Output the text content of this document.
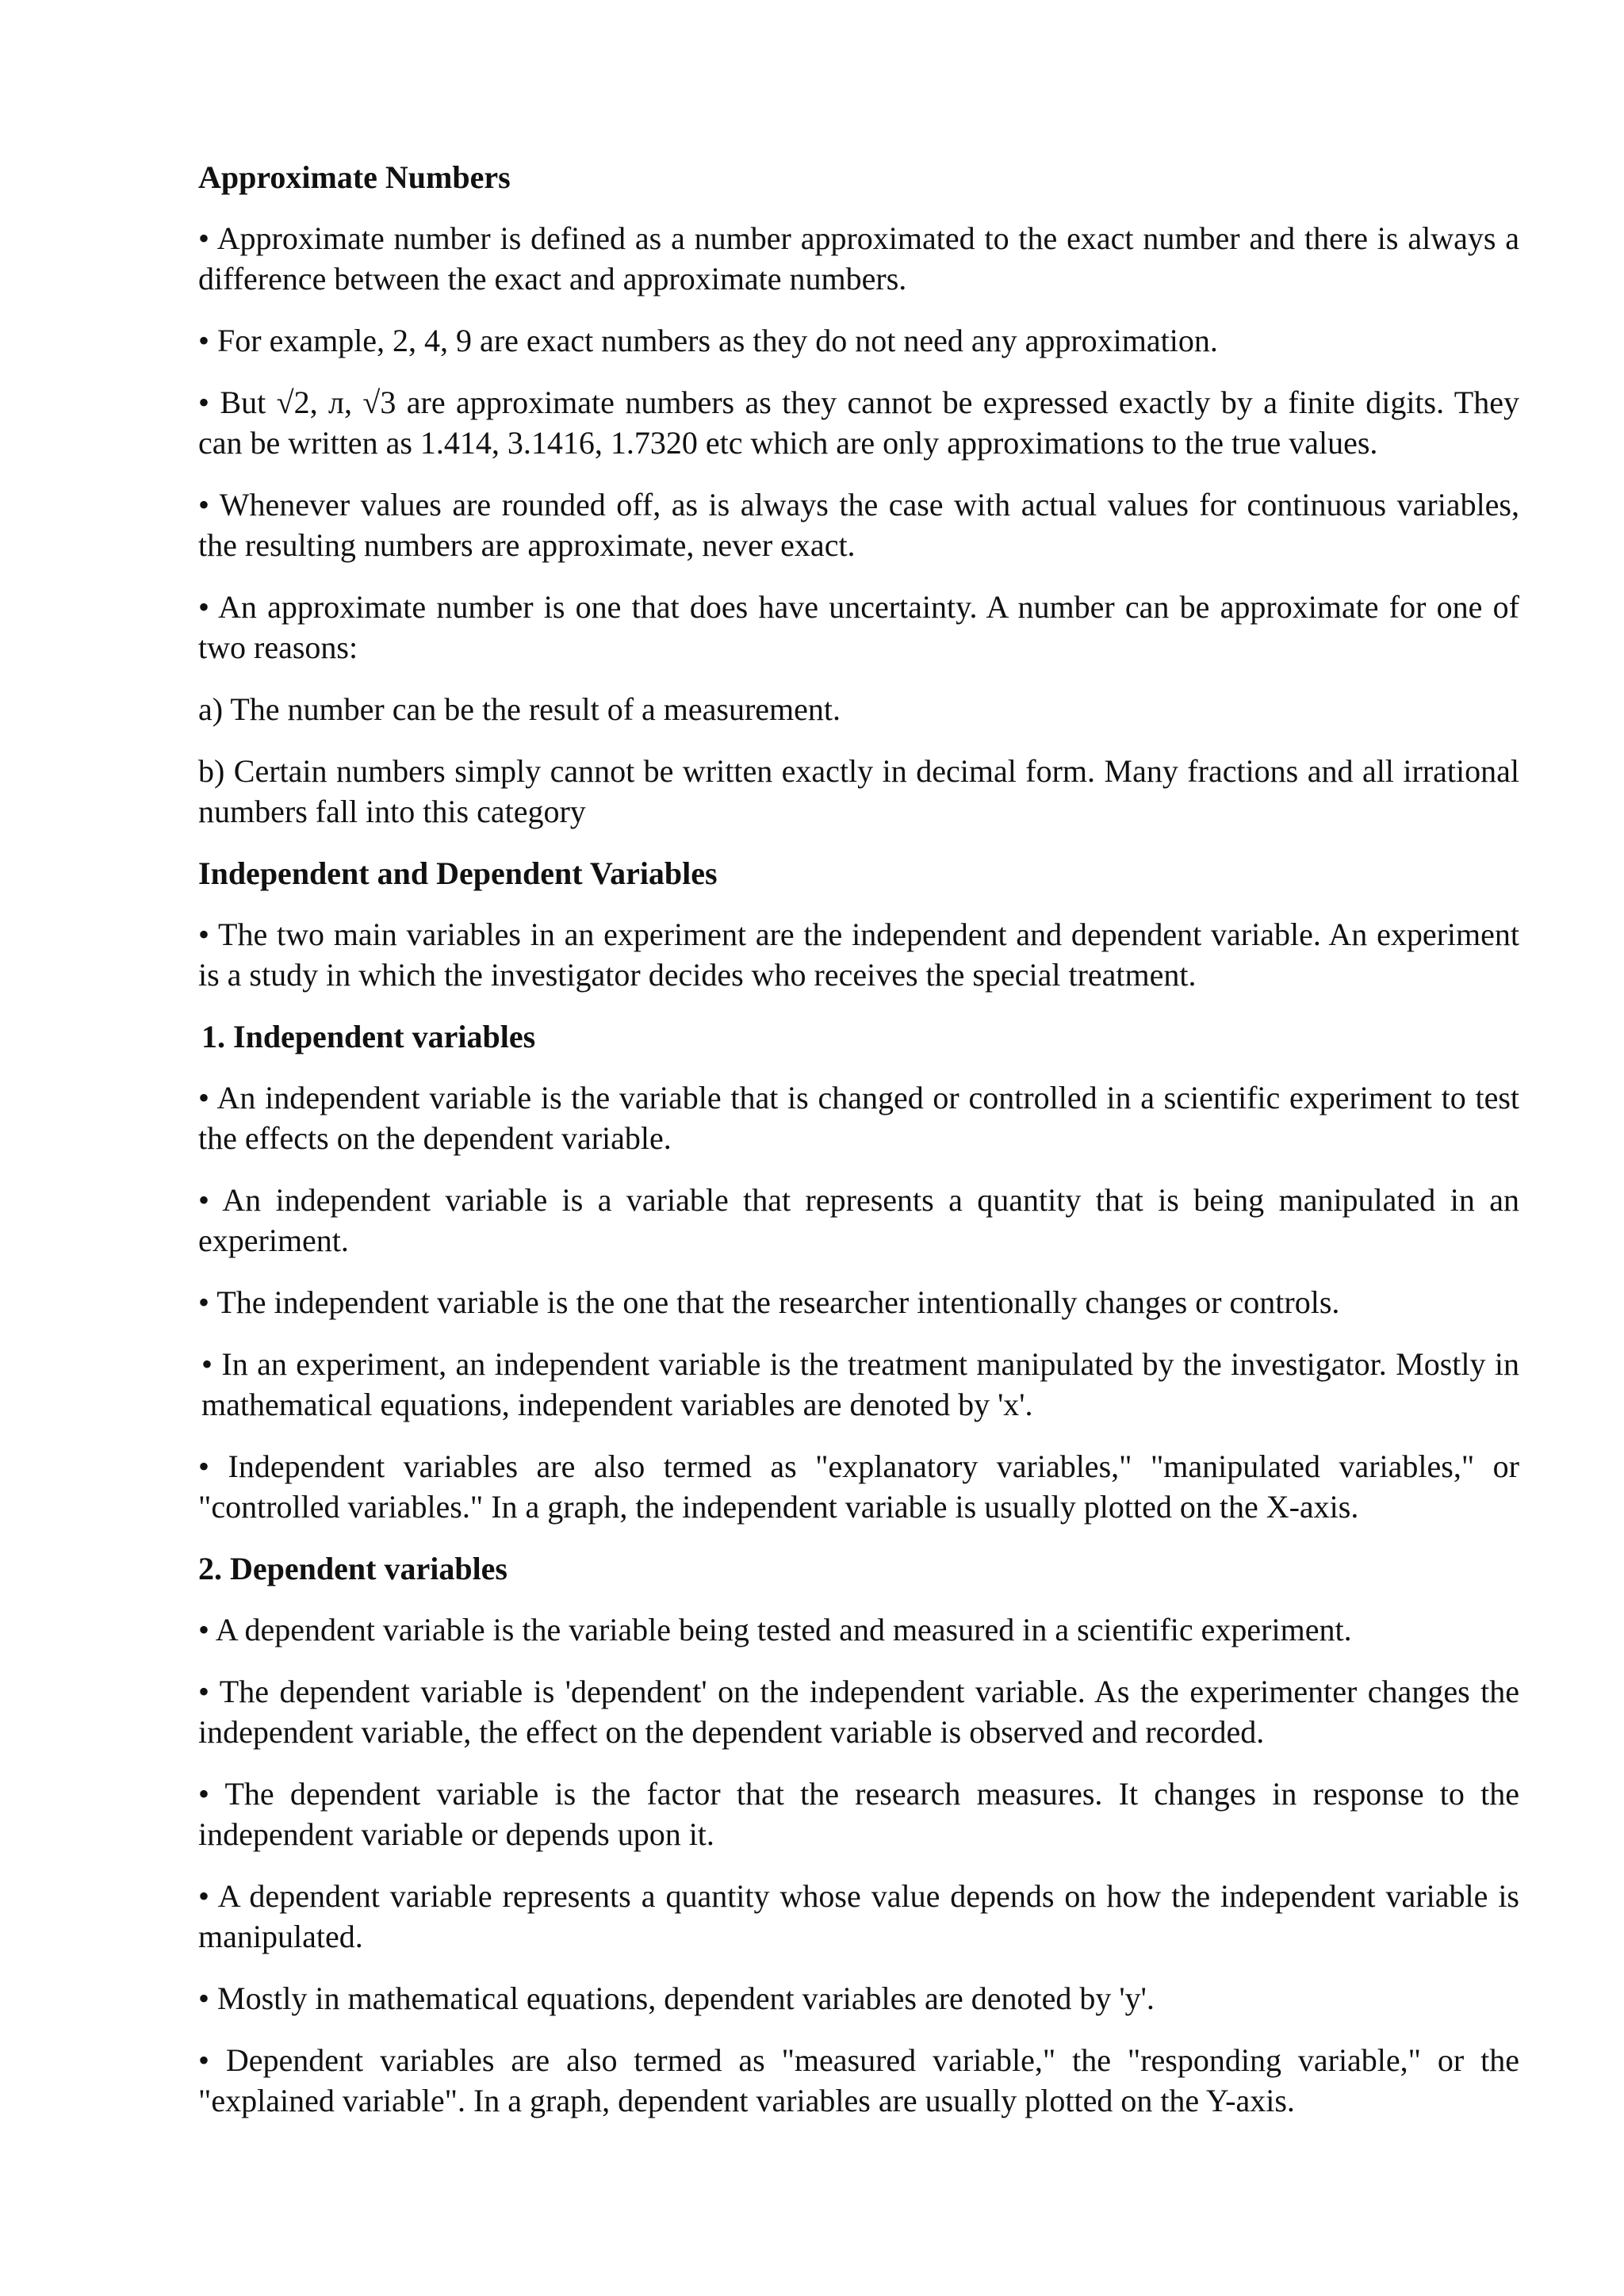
Approximate Numbers

• Approximate number is defined as a number approximated to the exact number and there is always a difference between the exact and approximate numbers.

• For example, 2, 4, 9 are exact numbers as they do not need any approximation.

• But √2, л, √3 are approximate numbers as they cannot be expressed exactly by a finite digits. They can be written as 1.414, 3.1416, 1.7320 etc which are only approximations to the true values.

• Whenever values are rounded off, as is always the case with actual values for continuous variables, the resulting numbers are approximate, never exact.

• An approximate number is one that does have uncertainty. A number can be approximate for one of two reasons:

a) The number can be the result of a measurement.

b) Certain numbers simply cannot be written exactly in decimal form. Many fractions and all irrational numbers fall into this category

Independent and Dependent Variables

• The two main variables in an experiment are the independent and dependent variable. An experiment is a study in which the investigator decides who receives the special treatment.

1. Independent variables

• An independent variable is the variable that is changed or controlled in a scientific experiment to test the effects on the dependent variable.

• An independent variable is a variable that represents a quantity that is being manipulated in an experiment.

• The independent variable is the one that the researcher intentionally changes or controls.

• In an experiment, an independent variable is the treatment manipulated by the investigator. Mostly in mathematical equations, independent variables are denoted by 'x'.

• Independent variables are also termed as "explanatory variables," "manipulated variables," or "controlled variables." In a graph, the independent variable is usually plotted on the X-axis.

2. Dependent variables

• A dependent variable is the variable being tested and measured in a scientific experiment.

• The dependent variable is 'dependent' on the independent variable. As the experimenter changes the independent variable, the effect on the dependent variable is observed and recorded.

• The dependent variable is the factor that the research measures. It changes in response to the independent variable or depends upon it.

• A dependent variable represents a quantity whose value depends on how the independent variable is manipulated.

• Mostly in mathematical equations, dependent variables are denoted by 'y'.

• Dependent variables are also termed as "measured variable," the "responding variable," or the "explained variable". In a graph, dependent variables are usually plotted on the Y-axis.
